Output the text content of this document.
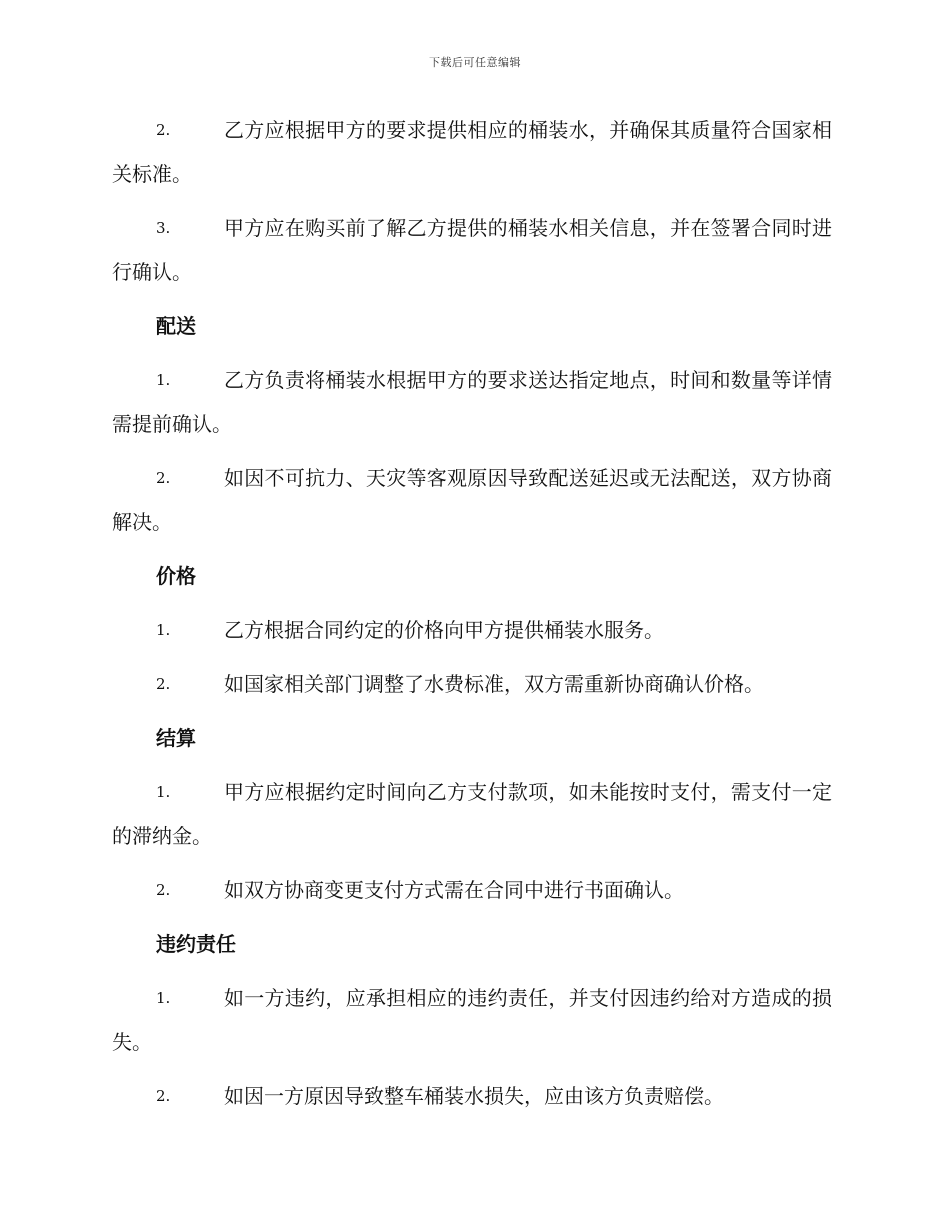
下载后可任意编辑
2.	乙方应根据甲方的要求提供相应的桶装水，并确保其质量符合国家相关标准。
3.	甲方应在购买前了解乙方提供的桶装水相关信息，并在签署合同时进行确认。
配送
1.	乙方负责将桶装水根据甲方的要求送达指定地点，时间和数量等详情需提前确认。
2.	如因不可抗力、天灾等客观原因导致配送延迟或无法配送，双方协商解决。
价格
1.	乙方根据合同约定的价格向甲方提供桶装水服务。
2.	如国家相关部门调整了水费标准，双方需重新协商确认价格。
结算
1.	甲方应根据约定时间向乙方支付款项，如未能按时支付，需支付一定的滞纳金。
2.	如双方协商变更支付方式需在合同中进行书面确认。
违约责任
1.	如一方违约，应承担相应的违约责任，并支付因违约给对方造成的损失。
2.	如因一方原因导致整车桶装水损失，应由该方负责赔偿。
